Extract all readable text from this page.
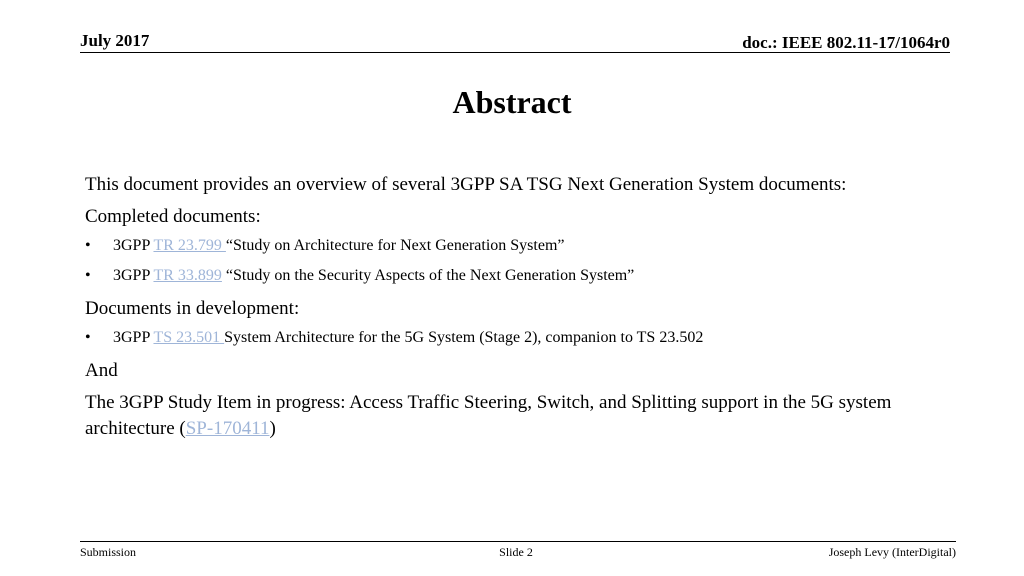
July 2017	doc.: IEEE 802.11-17/1064r0
Abstract

This document provides an overview of several 3GPP SA TSG Next Generation System documents:

Completed documents:

• 3GPP TR 23.799 “Study on Architecture for Next Generation System”
• 3GPP TR 33.899 “Study on the Security Aspects of the Next Generation System”

Documents in development:

• 3GPP TS 23.501 System Architecture for the 5G System (Stage 2), companion to TS 23.502

And

The 3GPP Study Item in progress: Access Traffic Steering, Switch, and Splitting support in the 5G system architecture (SP-170411)

Submission	Slide 2	Joseph Levy (InterDigital)
